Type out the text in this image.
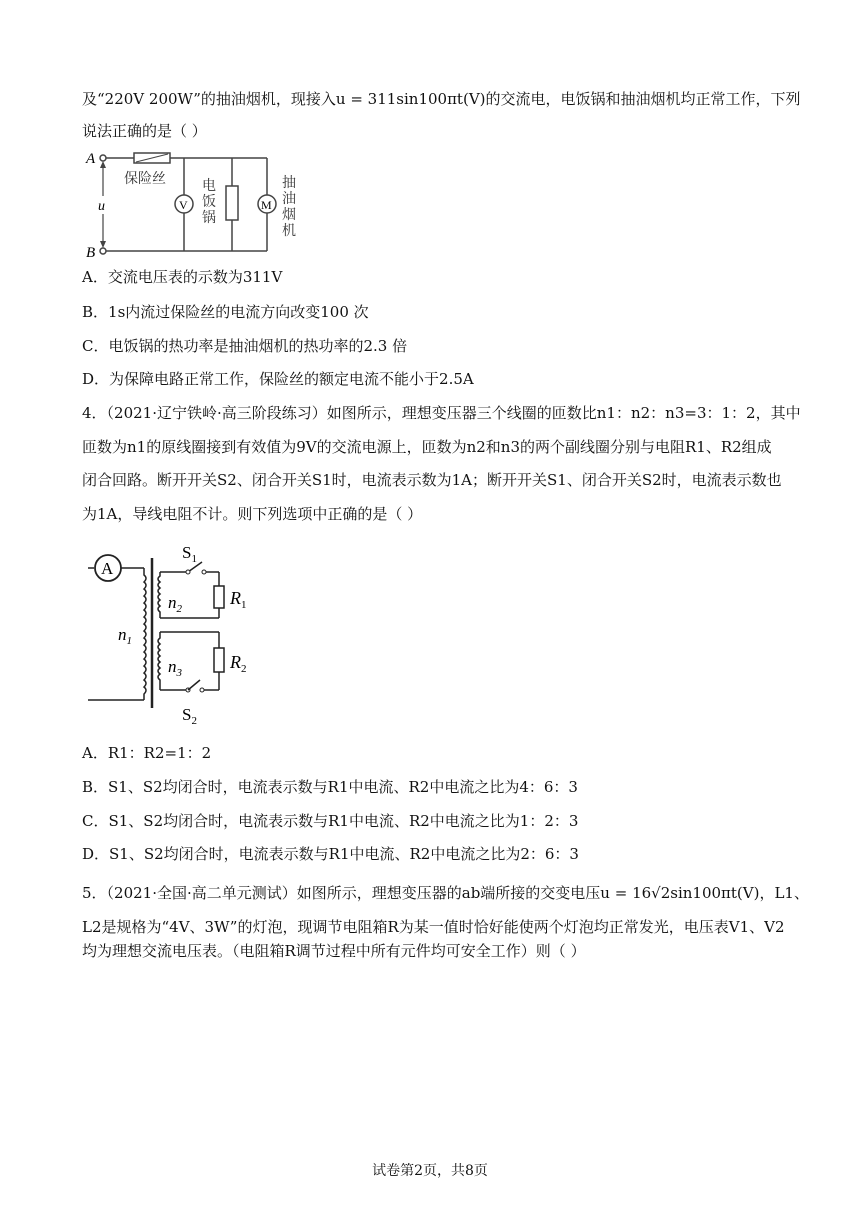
及“220V 200W”的抽油烟机，现接入u = 311sin100πt(V)的交流电，电饭锅和抽油烟机均正常工作，下列
说法正确的是（ ）
A
B
u
保险丝
V	M
电饭锅
抽油烟机
A．交流电压表的示数为311V
B．1s内流过保险丝的电流方向改变100 次
C．电饭锅的热功率是抽油烟机的热功率的2.3 倍
D．为保障电路正常工作，保险丝的额定电流不能小于2.5A
4．（2021·辽宁铁岭·高三阶段练习）如图所示，理想变压器三个线圈的匝数比n1：n2：n3=3：1：2，其中
匝数为n1的原线圈接到有效值为9V的交流电源上，匝数为n2和n3的两个副线圈分别与电阻R1、R2组成
闭合回路。断开开关S2、闭合开关S1时，电流表示数为1A；断开开关S1、闭合开关S2时，电流表示数也
为1A，导线电阻不计。则下列选项中正确的是（ ）
A
$n_1$
$S_1$
$n_2$
$R_1$
$n_3$
$R_2$
$S_2$
A．R1：R2=1：2
B．S1、S2均闭合时，电流表示数与R1中电流、R2中电流之比为4：6：3
C．S1、S2均闭合时，电流表示数与R1中电流、R2中电流之比为1：2：3
D．S1、S2均闭合时，电流表示数与R1中电流、R2中电流之比为2：6：3
5．（2021·全国·高二单元测试）如图所示，理想变压器的ab端所接的交变电压u = 16√2sin100πt(V)，L1、
L2是规格为“4V、3W”的灯泡，现调节电阻箱R为某一值时恰好能使两个灯泡均正常发光，电压表V1、V2
均为理想交流电压表。（电阻箱R调节过程中所有元件均可安全工作）则（ ）
试卷第2页，共8页
